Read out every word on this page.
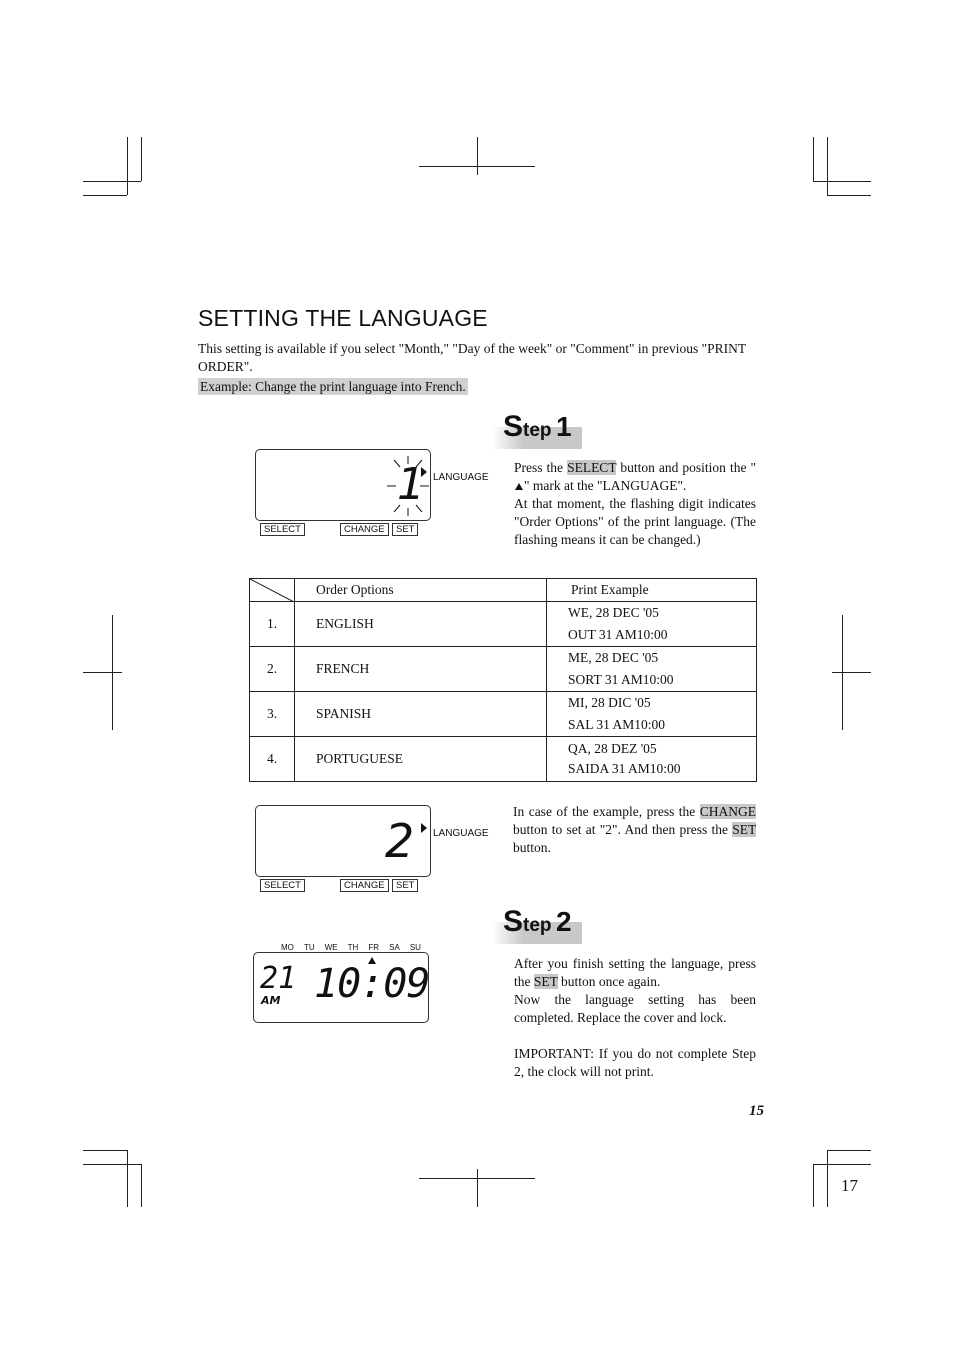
SETTING THE LANGUAGE
This setting is available if you select "Month," "Day of the week" or "Comment" in previous "PRINT ORDER".
Example: Change the print language into French.
Step 1
1 LANGUAGE
SELECT	CHANGE	SET
Press the SELECT button and position the "" mark at the "LANGUAGE".
At that moment, the flashing digit indicates "Order Options" of the print language. (The flashing means it can be changed.)
	Order Options	Print Example
1.	ENGLISH	WE, 28 DEC '05
OUT 31 AM10:00
2.	FRENCH	ME, 28 DEC '05
SORT 31 AM10:00
3.	SPANISH	MI, 28 DIC '05
SAL 31 AM10:00
4.	PORTUGUESE	QA, 28 DEZ '05
SAIDA 31 AM10:00
2 LANGUAGE
SELECT	CHANGE	SET
In case of the example, press the CHANGE button to set at "2". And then press the SET button.
Step 2
MO TU WE TH FR SA SU
21
AM 10:09	After you finish setting the language, press the SET button once again.
Now the language setting has been completed. Replace the cover and lock.

IMPORTANT: If you do not complete Step 2, the clock will not print.
15
17
